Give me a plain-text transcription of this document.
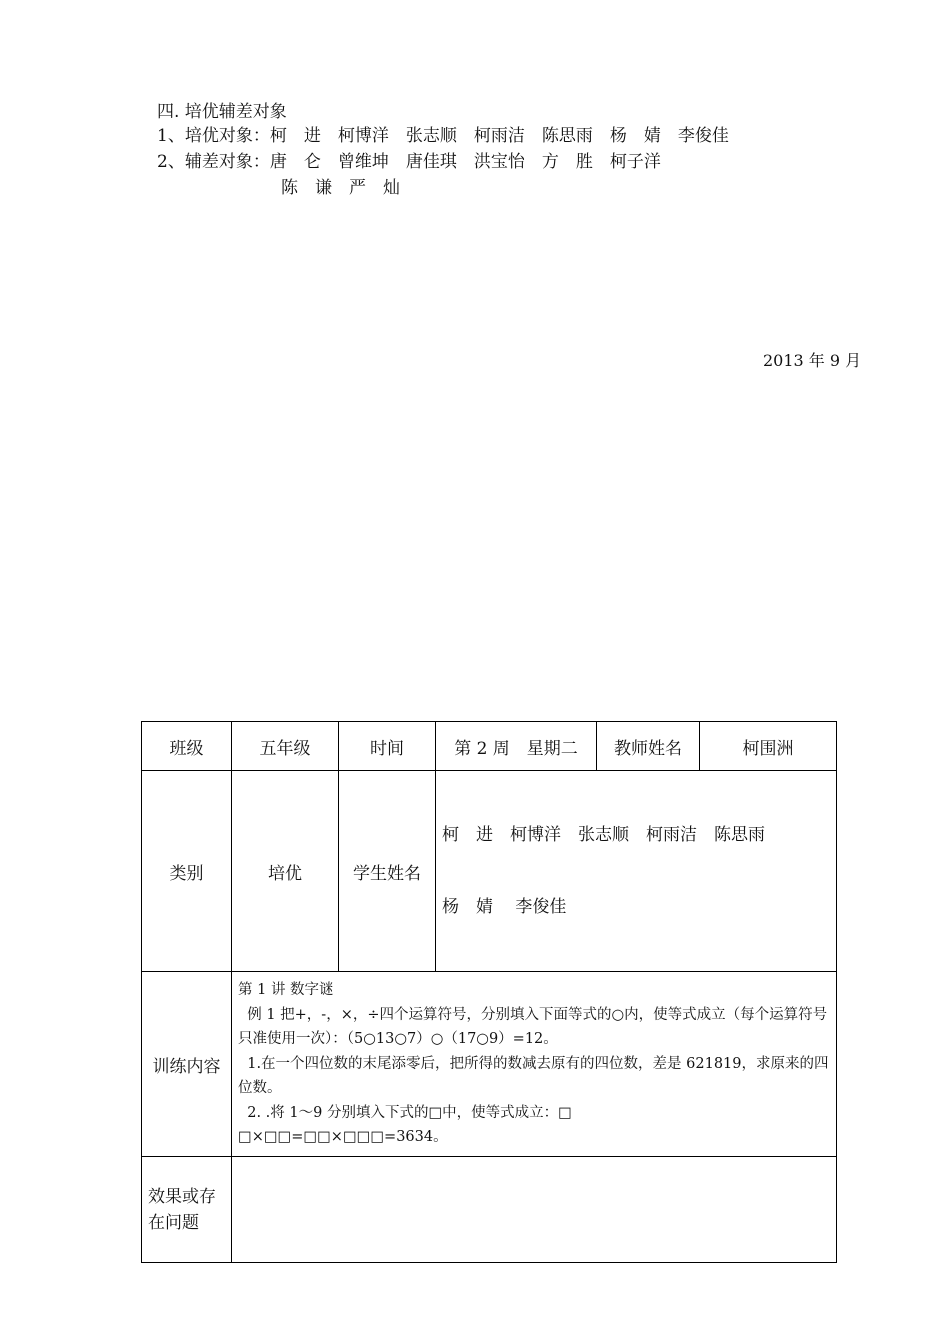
四. 培优辅差对象
1、培优对象：柯　进　柯博洋　张志顺　柯雨洁　陈思雨　杨　婧　李俊佳
2、辅差对象：唐　仑　曾维坤　唐佳琪　洪宝怡　方　胜　柯子洋
陈　谦　严　灿
2013 年 9 月
班级	五年级	时间	第 2 周　星期二	教师姓名	柯围洲
类别	培优	学生姓名	柯　进　柯博洋　张志顺　柯雨洁　陈思雨

杨　婧　 李俊佳		

训练内容	第 1 讲 数字谜
例 1 把+，-，×，÷四个运算符号，分别填入下面等式的○内，使等式成立（每个运算符号只准使用一次）：（5○13○7）○（17○9）=12。
1.在一个四位数的末尾添零后，把所得的数减去原有的四位数，差是 621819，求原来的四位数。
2. .将 1～9 分别填入下式的□中，使等式成立：□
□×□□=□□×□□□=3634。				

效果或存在问题					
